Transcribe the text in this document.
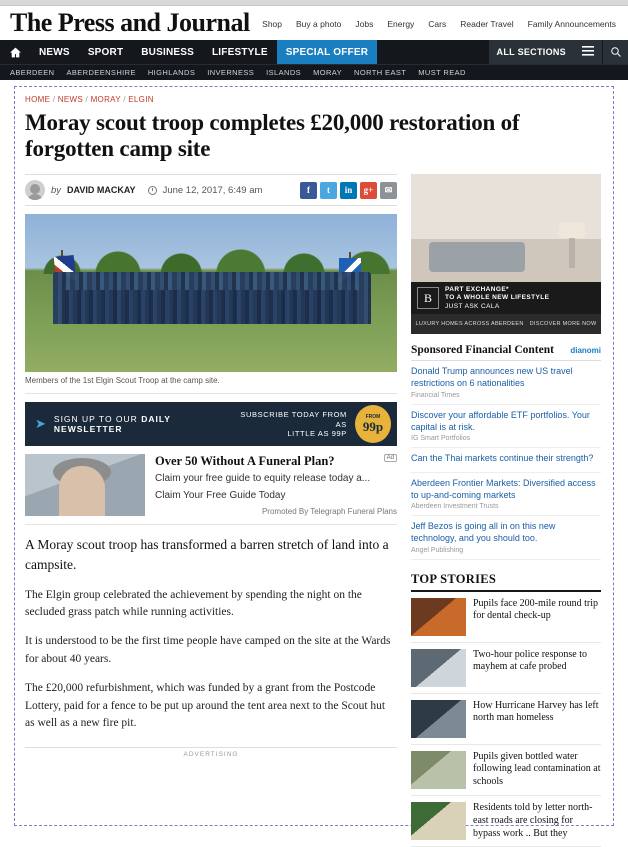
The Press and Journal Shop Buy a photo Jobs Energy Cars Reader Travel Family Announcements
NEWS	SPORT	BUSINESS	LIFESTYLE	SPECIAL OFFER	ALL SECTIONS
ABERDEEN ABERDEENSHIRE HIGHLANDS INVERNESS ISLANDS MORAY NORTH EAST MUST READ
HOME / NEWS / MORAY / ELGIN
Moray scout troop completes £20,000 restoration of forgotten camp site
by DAVID MACKAY	June 12, 2017, 6:49 am	f	t	in	g+	✉
Members of the 1st Elgin Scout Troop at the camp site.
➤ SIGN UP TO OUR DAILY NEWSLETTER
SUBSCRIBE TODAY FROM AS
LITTLE AS 99P
FROM
99p
Ad
Over 50 Without A Funeral Plan?
Claim your free guide to equity release today a...
Claim Your Free Guide Today
Promoted By Telegraph Funeral Plans

A Moray scout troop has transformed a barren stretch of land into a campsite.

The Elgin group celebrated the achievement by spending the night on the secluded grass patch while running activities.

It is understood to be the first time people have camped on the site at the Wards for about 40 years.

The £20,000 refurbishment, which was funded by a grant from the Postcode Lottery, paid for a fence to be put up around the tent area next to the Scout hut as well as a new fire pit.

ADVERTISING
B
PART EXCHANGE*
TO A WHOLE NEW LIFESTYLE
JUST ASK CALA
LUXURY HOMES ACROSS ABERDEEN DISCOVER MORE NOW
Sponsored Financial Content dianomi
Donald Trump announces new US travel restrictions on 6 nationalities
Financial Times
Discover your affordable ETF portfolios. Your capital is at risk.
IG Smart Portfolios
Can the Thai markets continue their strength?
Aberdeen Frontier Markets: Diversified access to up-and-coming markets
Aberdeen Investment Trusts
Jeff Bezos is going all in on this new technology, and you should too.
Angel Publishing
TOP STORIES
Pupils face 200-mile round trip for dental check-up
Two-hour police response to mayhem at cafe probed
How Hurricane Harvey has left north man homeless
Pupils given bottled water following lead contamination at schools
Residents told by letter north-east roads are closing for bypass work .. But they
